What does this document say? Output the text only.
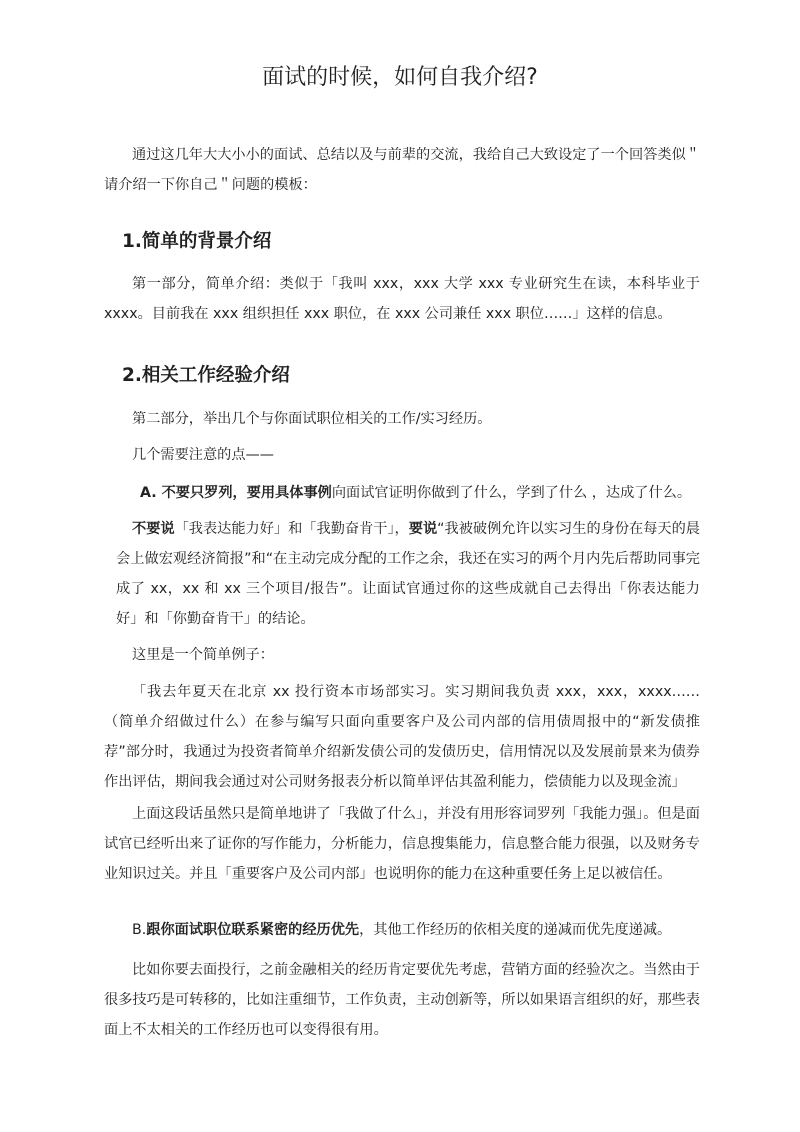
面试的时候，如何自我介绍?

通过这几年大大小小的面试、总结以及与前辈的交流，我给自己大致设定了一个回答类似＂请介绍一下你自己＂问题的模板：

1.简单的背景介绍

第一部分，简单介绍：类似于「我叫 xxx，xxx 大学 xxx 专业研究生在读，本科毕业于 xxxx。目前我在 xxx 组织担任 xxx 职位，在 xxx 公司兼任 xxx 职位……」这样的信息。

2.相关工作经验介绍

第二部分，举出几个与你面试职位相关的工作/实习经历。

几个需要注意的点——

A. 不要只罗列，要用具体事例向面试官证明你做到了什么，学到了什么 ，达成了什么。

不要说「我表达能力好」和「我勤奋肯干」，要说“我被破例允许以实习生的身份在每天的晨会上做宏观经济简报”和“在主动完成分配的工作之余，我还在实习的两个月内先后帮助同事完成了 xx，xx 和 xx 三个项目/报告”。让面试官通过你的这些成就自己去得出「你表达能力好」和「你勤奋肯干」的结论。

这里是一个简单例子：

「我去年夏天在北京 xx 投行资本市场部实习。实习期间我负责 xxx，xxx，xxxx……（简单介绍做过什么）在参与编写只面向重要客户及公司内部的信用债周报中的“新发债推荐”部分时，我通过为投资者简单介绍新发债公司的发债历史，信用情况以及发展前景来为债券作出评估，期间我会通过对公司财务报表分析以简单评估其盈利能力，偿债能力以及现金流」

上面这段话虽然只是简单地讲了「我做了什么」，并没有用形容词罗列「我能力强」。但是面试官已经听出来了证你的写作能力，分析能力，信息搜集能力，信息整合能力很强，以及财务专业知识过关。并且「重要客户及公司内部」也说明你的能力在这种重要任务上足以被信任。

B.跟你面试职位联系紧密的经历优先，其他工作经历的依相关度的递减而优先度递减。

比如你要去面投行，之前金融相关的经历肯定要优先考虑，营销方面的经验次之。当然由于很多技巧是可转移的，比如注重细节，工作负责，主动创新等，所以如果语言组织的好，那些表面上不太相关的工作经历也可以变得很有用。
